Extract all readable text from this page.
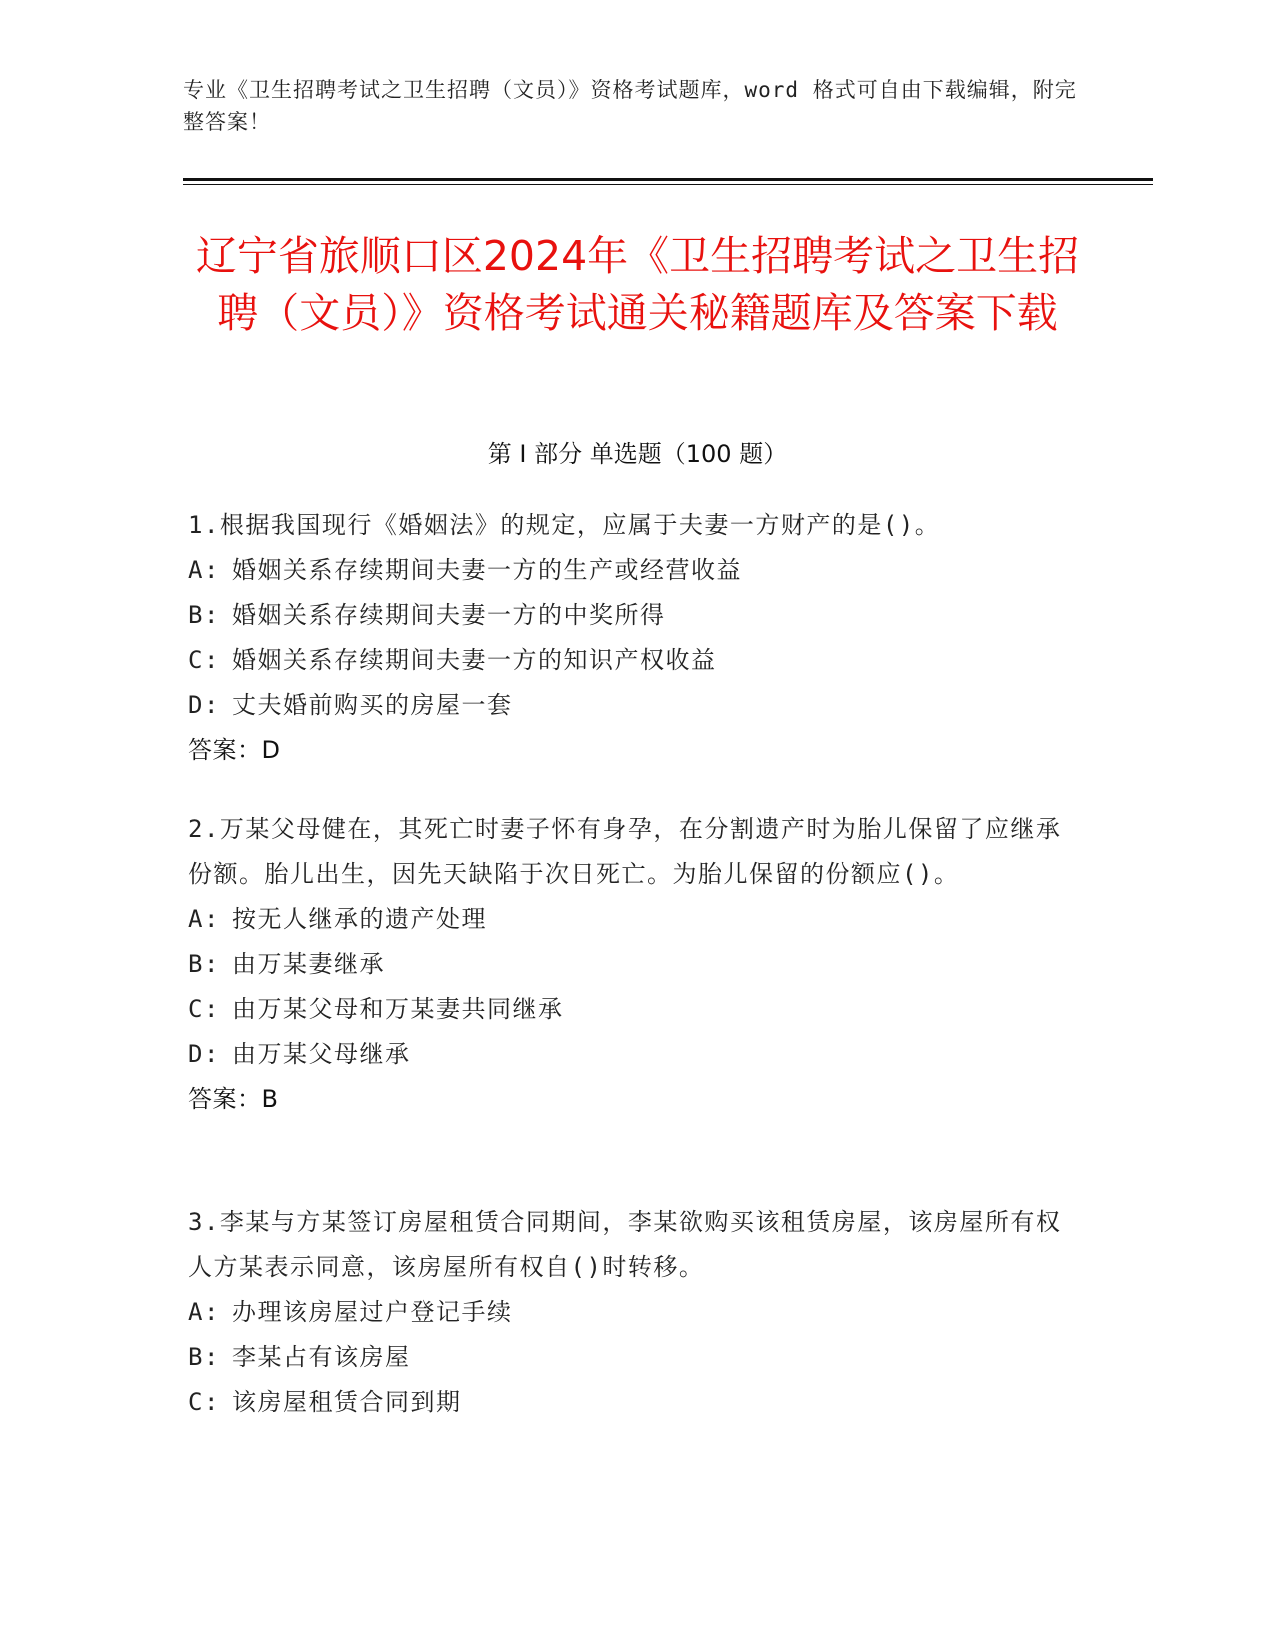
专业《卫生招聘考试之卫生招聘（文员）》资格考试题库，word 格式可自由下载编辑，附完整答案！
辽宁省旅顺口区2024年《卫生招聘考试之卫生招聘（文员）》资格考试通关秘籍题库及答案下载
第 I 部分 单选题（100 题）
1.根据我国现行《婚姻法》的规定，应属于夫妻一方财产的是()。
A: 婚姻关系存续期间夫妻一方的生产或经营收益
B: 婚姻关系存续期间夫妻一方的中奖所得
C: 婚姻关系存续期间夫妻一方的知识产权收益
D: 丈夫婚前购买的房屋一套
答案：D
2.万某父母健在，其死亡时妻子怀有身孕，在分割遗产时为胎儿保留了应继承份额。胎儿出生，因先天缺陷于次日死亡。为胎儿保留的份额应()。
A: 按无人继承的遗产处理
B: 由万某妻继承
C: 由万某父母和万某妻共同继承
D: 由万某父母继承
答案：B
3.李某与方某签订房屋租赁合同期间，李某欲购买该租赁房屋，该房屋所有权人方某表示同意，该房屋所有权自()时转移。
A: 办理该房屋过户登记手续
B: 李某占有该房屋
C: 该房屋租赁合同到期
